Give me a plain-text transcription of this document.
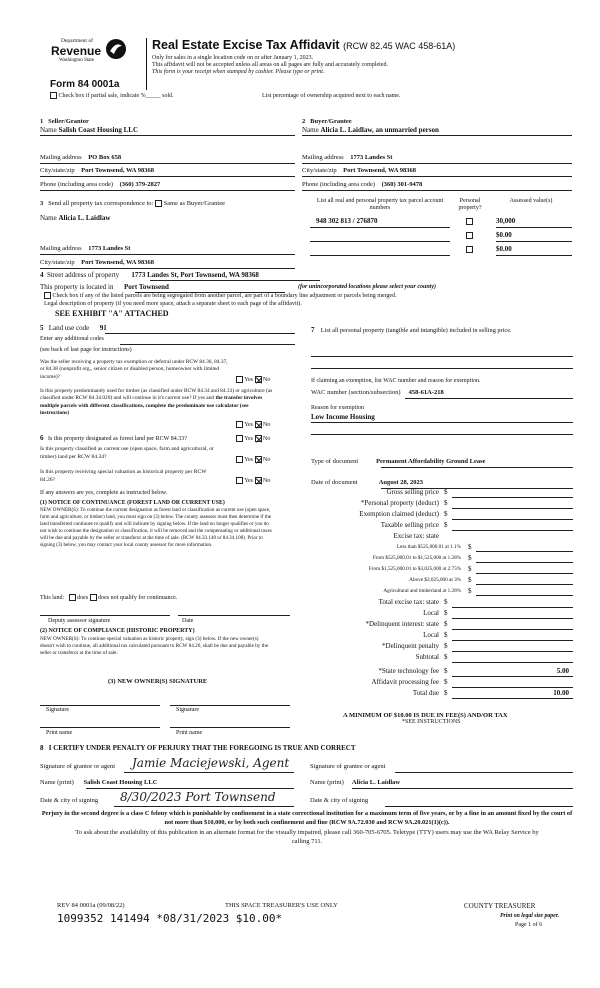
Department of
Revenue
Washington State
Real Estate Excise Tax Affidavit (RCW 82.45 WAC 458-61A)
Only for sales in a single location code on or after January 1, 2023.
This affidavit will not be accepted unless all areas on all pages are fully and accurately completed.
This form is your receipt when stamped by cashier. Please type or print.
Form 84 0001a
Check box if partial sale, indicate %_____ sold.	List percentage of ownership acquired next to each name.
1 Seller/Grantor
Name Salish Coast Housing LLC
2 Buyer/Grantee
Name Alicia L. Laidlaw, an unmarried person
Mailing address PO Box 658
City/state/zip Port Townsend, WA 98368
Phone (including area code) (360) 379-2827
Mailing address 1773 Landes St
City/state/zip Port Townsend, WA 98368
Phone (including area code) (360) 301-9478
3 Send all property tax correspondence to: Same as Buyer/Grantee
Name Alicia L. Laidlaw
Mailing address 1773 Landes St
City/state/zip Port Townsend, WA 98368
List all real and personal property tax parcel account numbers
Personal property?
Assessed value(s)
948 302 813 / 276870	30,000
$0.00
$0.00
4 Street address of property 1773 Landes St, Port Townsend, WA 98368
This property is located in Port Townsend	(for unincorporated locations please select your county)
Check box if any of the listed parcels are being segregated from another parcel, are part of a boundary line adjustment or parcels being merged.
Legal description of property (if you need more space, attach a separate sheet to each page of the affidavit).
SEE EXHIBIT "A" ATTACHED
5 Land use code 91
Enter any additional codes
(see back of last page for instructions)
Was the seller receiving a property tax exemption or deferral under RCW 84.36, 84.37, or 84.38 (nonprofit org., senior citizen or disabled person, homeowner with limited income)?
Yes No
Is this property predominantly used for timber (as classified under RCW 84.34 and 84.33) or agriculture (as classified under RCW 84.34.020) and will continue in it's current use? If yes and the transfer involves multiple parcels with different classifications, complete the predominate use calculator (see instructions)
Yes No
6 Is this property designated as forest land per RCW 84.33?	Yes No
Is this property classified as current use (open space, farm and agricultural, or timber) land per RCW 84.34?
Yes No
Is this property receiving special valuation as historical property per RCW 84.26?	Yes No
If any answers are yes, complete as instructed below.
(1) NOTICE OF CONTINUANCE (FOREST LAND OR CURRENT USE)
NEW OWNER(S): To continue the current designation as forest land or classification as current use (open space, farm and agriculture, or timber) land, you must sign on (3) below. The county assessor must then determine if the land transferred continues to qualify and will indicate by signing below. If the land no longer qualifies or you do not wish to continue the designation or classification, it will be removed and the compensating or additional taxes will be due and payable by the seller or transferor at the time of sale. (RCW 84.33.140 or 84.34.108). Prior to signing (3) below, you may contact your local county assessor for more information.
This land: does does not qualify for continuance.
Deputy assessor signature	Date
(2) NOTICE OF COMPLIANCE (HISTORIC PROPERTY)
NEW OWNER(S): To continue special valuation as historic property, sign (3) below. If the new owner(s) doesn't wish to continue, all additional tax calculated pursuant to RCW 84.26, shall be due and payable by the seller or transferor at the time of sale.
(3) NEW OWNER(S) SIGNATURE
Signature	Signature
Print name	Print name
7 List all personal property (tangible and intangible) included in selling price.
If claiming an exemption, list WAC number and reason for exemption.
WAC number (section/subsection) 458-61A-218
Reason for exemption
Low Income Housing
Type of document	Permanent Affordability Ground Lease
Date of document	August 28, 2023
Gross selling price $
*Personal property (deduct) $
Exemption claimed (deduct) $
Taxable selling price $
Excise tax: state
Less than $525,000.01 at 1.1% $
From $525,000.01 to $1,525,000 at 1.28% $
From $1,525,000.01 to $3,025,000 at 2.75% $
Above $3,025,000 at 3% $
Agricultural and timberland at 1.28% $
Total excise tax: state $
Local $
*Delinquent interest: state $
Local $
*Delinquent penalty $
Subtotal $
*State technology fee $	5.00
Affidavit processing fee $
Total due $	10.00
A MINIMUM OF $10.00 IS DUE IN FEE(S) AND/OR TAX
*SEE INSTRUCTIONS
8 I CERTIFY UNDER PENALTY OF PERJURY THAT THE FOREGOING IS TRUE AND CORRECT
Signature of grantor or agent Jamie Maciejewski, Agent	Signature of grantee or agent
Name (print) Salish Coast Housing LLC	Name (print) Alicia L. Laidlaw
Date & city of signing 8/30/2023 Port Townsend	Date & city of signing
Perjury in the second degree is a class C felony which is punishable by confinement in a state correctional institution for a maximum term of five years, or by a fine in an amount fixed by the court of not more than $10,000, or by both such confinement and fine (RCW 9A.72.030 and RCW 9A.20.021(1)(c)).
To ask about the availability of this publication in an alternate format for the visually impaired, please call 360-705-6705. Teletype (TTY) users may use the WA Relay Service by calling 711.
REV 84 0001a (09/08/22)	THIS SPACE TREASURER'S USE ONLY
1099352 141494 *08/31/2023 $10.00*
COUNTY TREASURER
Print on legal size paper.
Page 1 of 6
